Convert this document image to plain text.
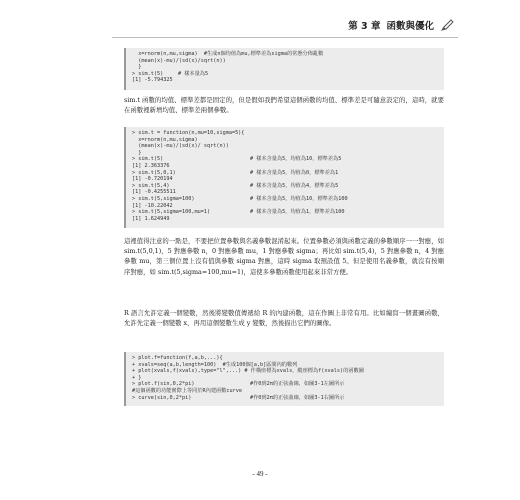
第 3 章 函數與優化
x=rnorm(n,mu,sigma)  #生成n個均值為mu,標準差為sigma的常態分佈亂數
(mean(x)-mu)/(sd(x)/sqrt(n))
}
> sim.t(5)	# 樣本量為5
[1] -5.794325

sim.t 函數的均值、標準差都是固定的，但是假如我們希望這個函數的均值、標準差是可隨意設定的，這時，就要在函數裡新增均值、標準差兩個參數。

> sim.t = function(n,mu=10,sigma=5){
x=rnorm(n,mu,sigma)
(mean(x)-mu)/(sd(x)/ sqrt(n))
}
> sim.t(5)	# 樣本含量為5，均值為10，標準差為5
[1] 2.363376
> sim.t(5,0,1)	# 樣本含量為5，均值為0，標準差為1
[1] -0.720194
> sim.t(5,4)	# 樣本含量為5，均值為4，標準差為5
[1] -0.4255511
> sim.t(5,sigma=100)	# 樣本含量為5，均值為10，標準差為100
[1] -10.22042
> sim.t(5,sigma=100,mu=1)	# 樣本含量為5，均值為1，標準差為100
[1] 1.624949

這裡值得注意的一點是，不要把位置參數與名義參數混淆起來。位置參數必須與函數定義的參數順序一一對應，如 sim.t(5,0,1)，5 對應參數 n，0 對應參數 mu，1 對應參數 sigma；再比如 sim.t(5,4)，5 對應參數 n，4 對應參數 mu，第三個位置上沒有值與參數 sigma 對應，這時 sigma 取預設值 5。但是使用名義參數，就沒有按順序對應，如 sim.t(5,sigma=100,mu=1)，這使多參數函數使用起來非常方便。

R 語言允許定義一個變數，然後將變數值傳遞給 R 的內建函數，這在作圖上非常有用。比如編寫一個畫圖函數，允許先定義一個變數 x，再用這個變數生成 y 變數，然後描出它們的圖像。

> plot.f=function(f,a,b,...){
+ xvals=seq(a,b,length=100)  #生成100個[a,b]區間內的數列
+ plot(xvals,f(xvals),type="l",...) # 作橫座標為xvals，縱座標為f(xvals)的函數圖
+ }
> plot.f(sin,0,2*pi)	#作0到2π的正弦曲線，如圖3-1左圖所示
#這個函數的功能實際上等同於R內建函數curve
> curve(sin,0,2*pi)	#作0到2π的正弦曲線，如圖3-1右圖所示
- 49 -
